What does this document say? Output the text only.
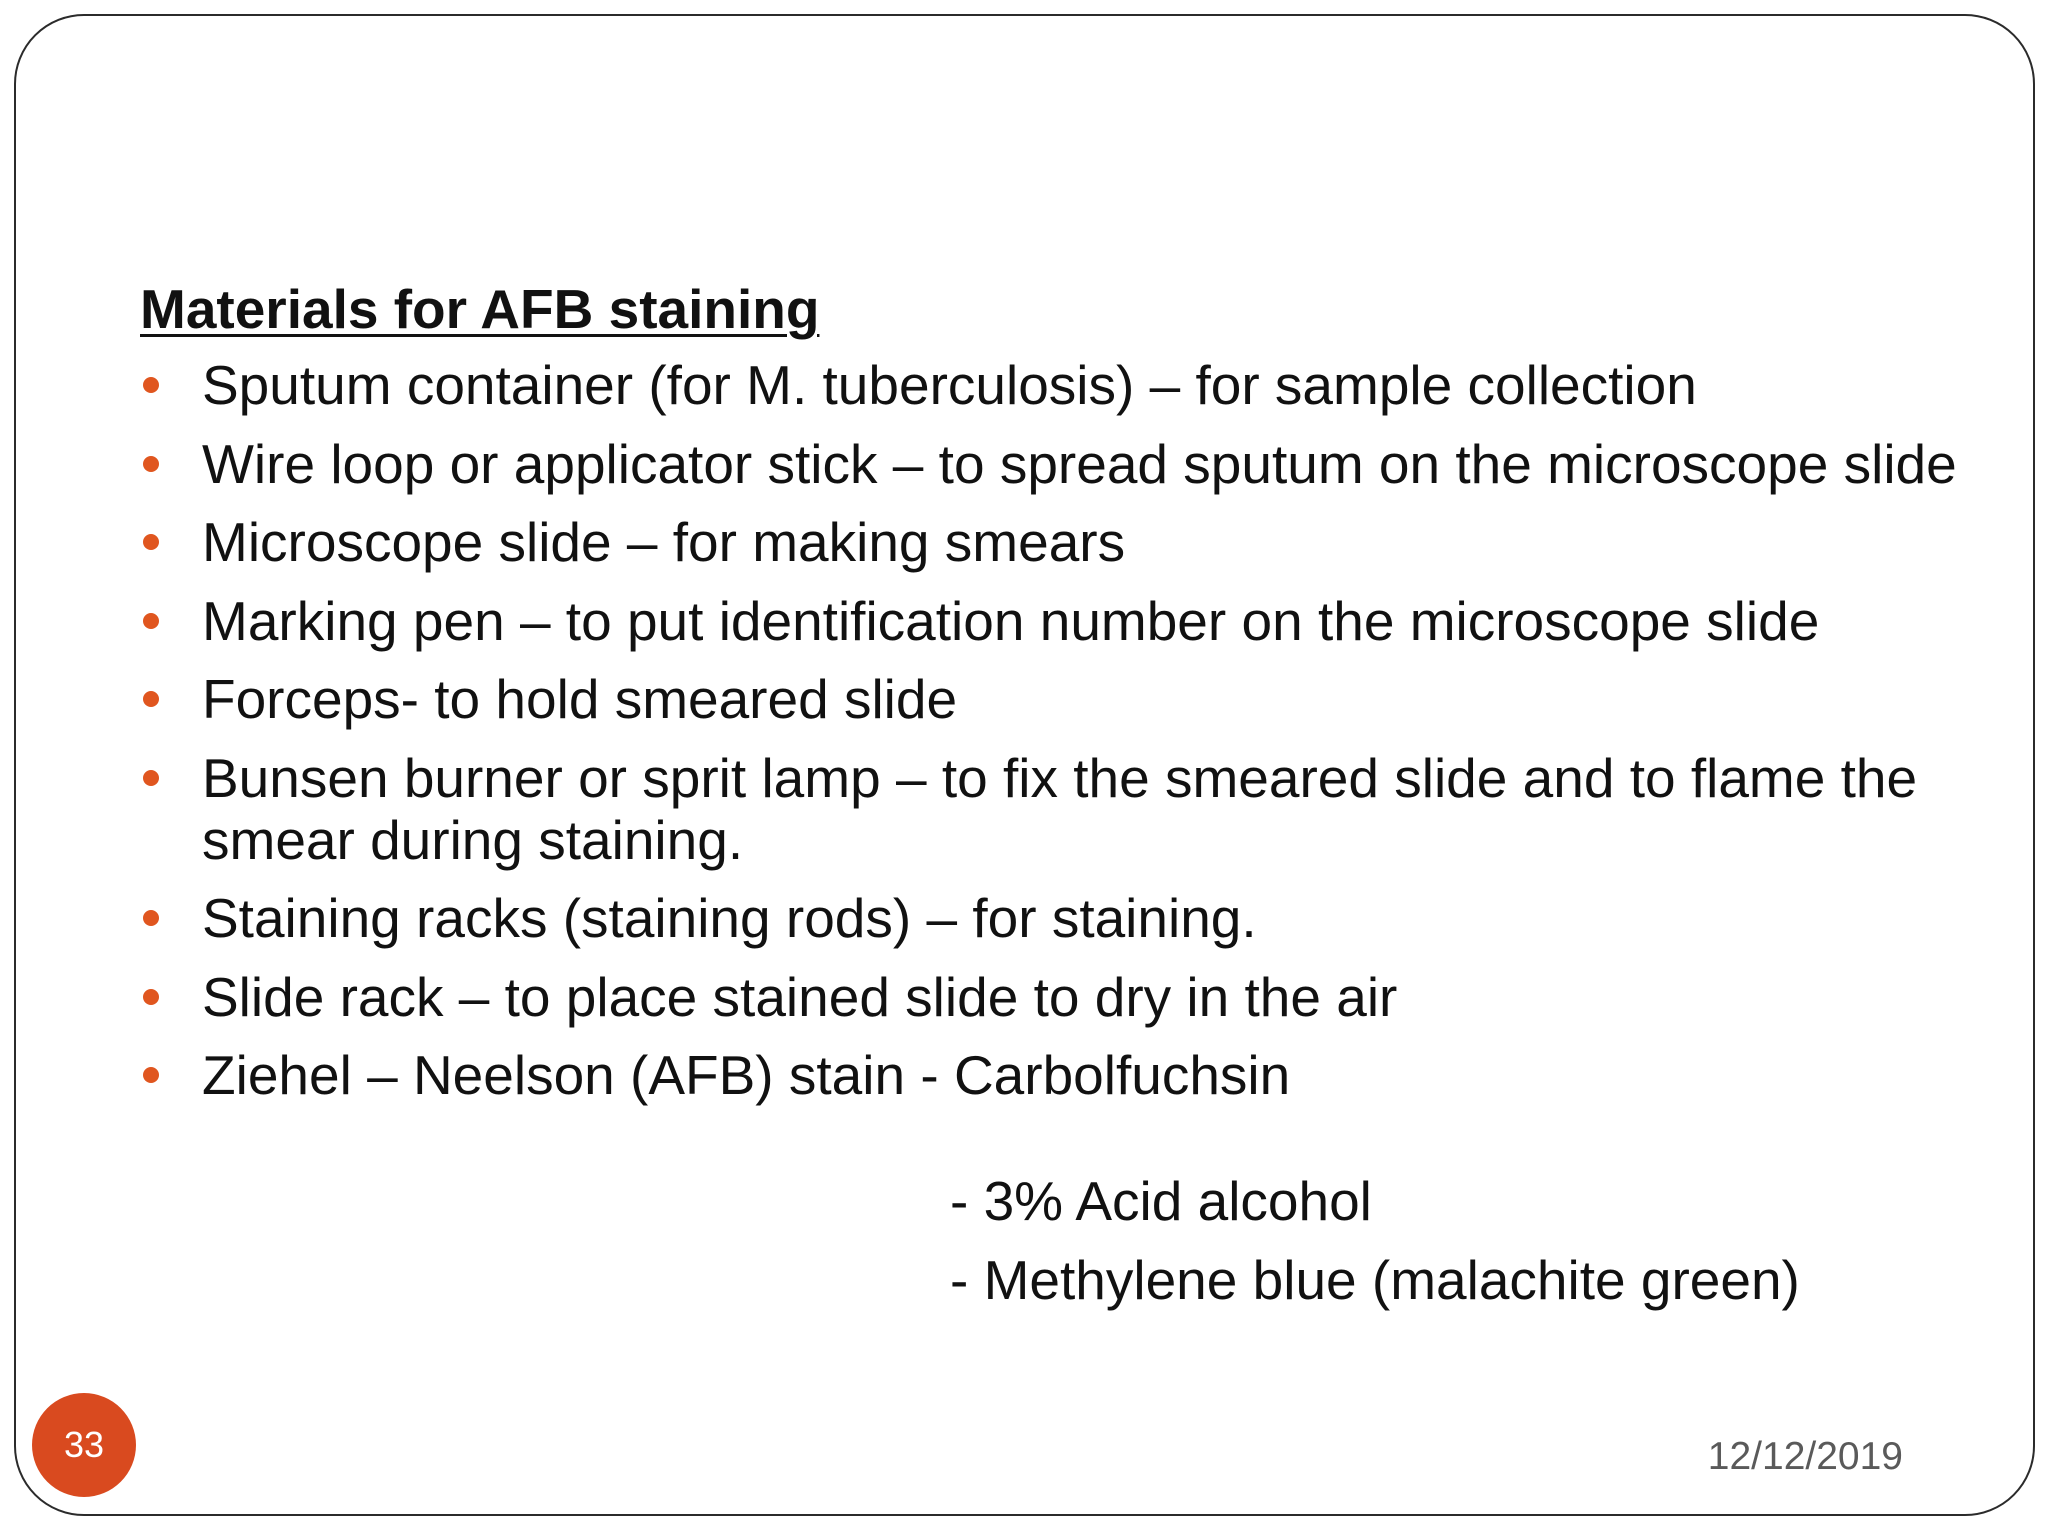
Materials for AFB staining
Sputum container (for M. tuberculosis) – for sample collection
Wire loop or applicator stick – to spread sputum on the microscope slide
Microscope slide – for making smears
Marking pen – to put identification number on the microscope slide
Forceps- to hold smeared slide
Bunsen burner or sprit lamp – to fix the smeared slide and to flame the smear during staining.
Staining racks (staining rods) – for staining.
Slide rack – to place stained slide to dry in the air
Ziehel – Neelson (AFB) stain - Carbolfuchsin
- 3% Acid alcohol
- Methylene blue (malachite green)
12/12/2019
33
